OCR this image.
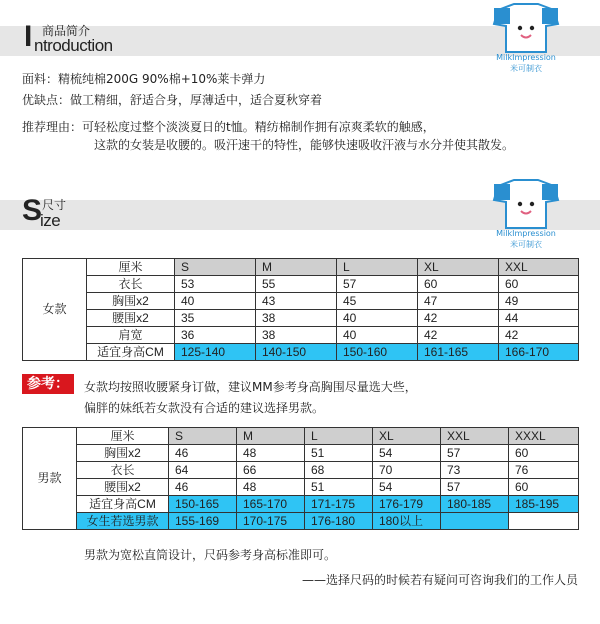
I 商品简介
ntroduction
MilkImpression
米可制衣
面料：精梳纯棉200G 90%棉+10%莱卡弹力
优缺点：做工精细，舒适合身，厚薄适中，适合夏秋穿着
推荐理由：可轻松度过整个淡淡夏日的t恤。精纺棉制作拥有凉爽柔软的触感，
这款的女装是收腰的。吸汗速干的特性，能够快速吸收汗液与水分并使其散发。
S 尺寸
ize
MilkImpression
米可制衣
女款	厘米	S	M	L	XL	XXL
	衣长	53	55	57	60	60
	胸围x2	40	43	45	47	49
	腰围x2	35	38	40	42	44
	肩宽	36	38	40	42	42
	适宜身高CM	125-140	140-150	150-160	161-165	166-170
参考：	女款均按照收腰紧身订做，建议MM参考身高胸围尽量选大些，
偏胖的妹纸若女款没有合适的建议选择男款。
男款	厘米	S	M	L	XL	XXL	XXXL
	胸围x2	46	48	51	54	57	60
	衣长	64	66	68	70	73	76
	腰围x2	46	48	51	54	57	60
	适宜身高CM	150-165	165-170	171-175	176-179	180-185	185-195
	女生若选男款	155-169	170-175	176-180	180以上		
男款为宽松直筒设计，尺码参考身高标准即可。
——选择尺码的时候若有疑问可咨询我们的工作人员
